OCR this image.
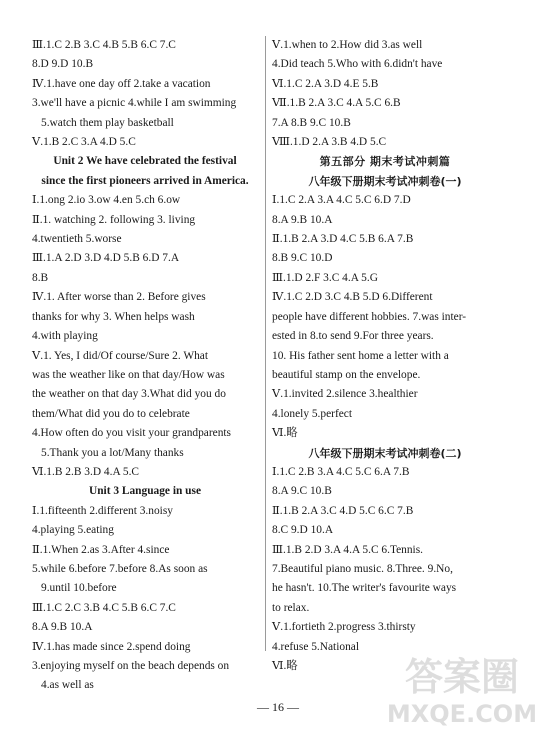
Ⅲ.1.C 2.B 3.C 4.B 5.B 6.C 7.C
8.D 9.D 10.B
Ⅳ.1.have one day off 2.take a vacation
3.we'll have a picnic 4.while I am swimming
5.watch them play basketball
Ⅴ.1.B 2.C 3.A 4.D 5.C
Unit 2 We have celebrated the festival
since the first pioneers arrived in America.
Ⅰ.1.ong 2.io 3.ow 4.en 5.ch 6.ow
Ⅱ.1. watching 2. following 3. living
4.twentieth 5.worse
Ⅲ.1.A 2.D 3.D 4.D 5.B 6.D 7.A
8.B
Ⅳ.1. After worse than 2. Before gives
thanks for why 3. When helps wash
4.with playing
Ⅴ.1. Yes, I did/Of course/Sure 2. What
was the weather like on that day/How was
the weather on that day 3.What did you do
them/What did you do to celebrate
4.How often do you visit your grandparents
5.Thank you a lot/Many thanks
Ⅵ.1.B 2.B 3.D 4.A 5.C
Unit 3 Language in use
Ⅰ.1.fifteenth 2.different 3.noisy
4.playing 5.eating
Ⅱ.1.When 2.as 3.After 4.since
5.while 6.before 7.before 8.As soon as
9.until 10.before
Ⅲ.1.C 2.C 3.B 4.C 5.B 6.C 7.C
8.A 9.B 10.A
Ⅳ.1.has made since 2.spend doing
3.enjoying myself on the beach depends on
4.as well as
Ⅴ.1.when to 2.How did 3.as well
4.Did teach 5.Who with 6.didn't have
Ⅵ.1.C 2.A 3.D 4.E 5.B
Ⅶ.1.B 2.A 3.C 4.A 5.C 6.B
7.A 8.B 9.C 10.B
Ⅷ.1.D 2.A 3.B 4.D 5.C
第五部分 期末考试冲刺篇
八年级下册期末考试冲刺卷(一)
Ⅰ.1.C 2.A 3.A 4.C 5.C 6.D 7.D
8.A 9.B 10.A
Ⅱ.1.B 2.A 3.D 4.C 5.B 6.A 7.B
8.B 9.C 10.D
Ⅲ.1.D 2.F 3.C 4.A 5.G
Ⅳ.1.C 2.D 3.C 4.B 5.D 6.Different
people have different hobbies. 7.was inter-
ested in 8.to send 9.For three years.
10. His father sent home a letter with a
beautiful stamp on the envelope.
Ⅴ.1.invited 2.silence 3.healthier
4.lonely 5.perfect
Ⅵ.略
八年级下册期末考试冲刺卷(二)
Ⅰ.1.C 2.B 3.A 4.C 5.C 6.A 7.B
8.A 9.C 10.B
Ⅱ.1.B 2.A 3.C 4.D 5.C 6.C 7.B
8.C 9.D 10.A
Ⅲ.1.B 2.D 3.A 4.A 5.C 6.Tennis.
7.Beautiful piano music. 8.Three. 9.No,
he hasn't. 10.The writer's favourite ways
to relax.
Ⅴ.1.fortieth 2.progress 3.thirsty
4.refuse 5.National
Ⅵ.略
— 16 —
答案圈
MXQE.COM
